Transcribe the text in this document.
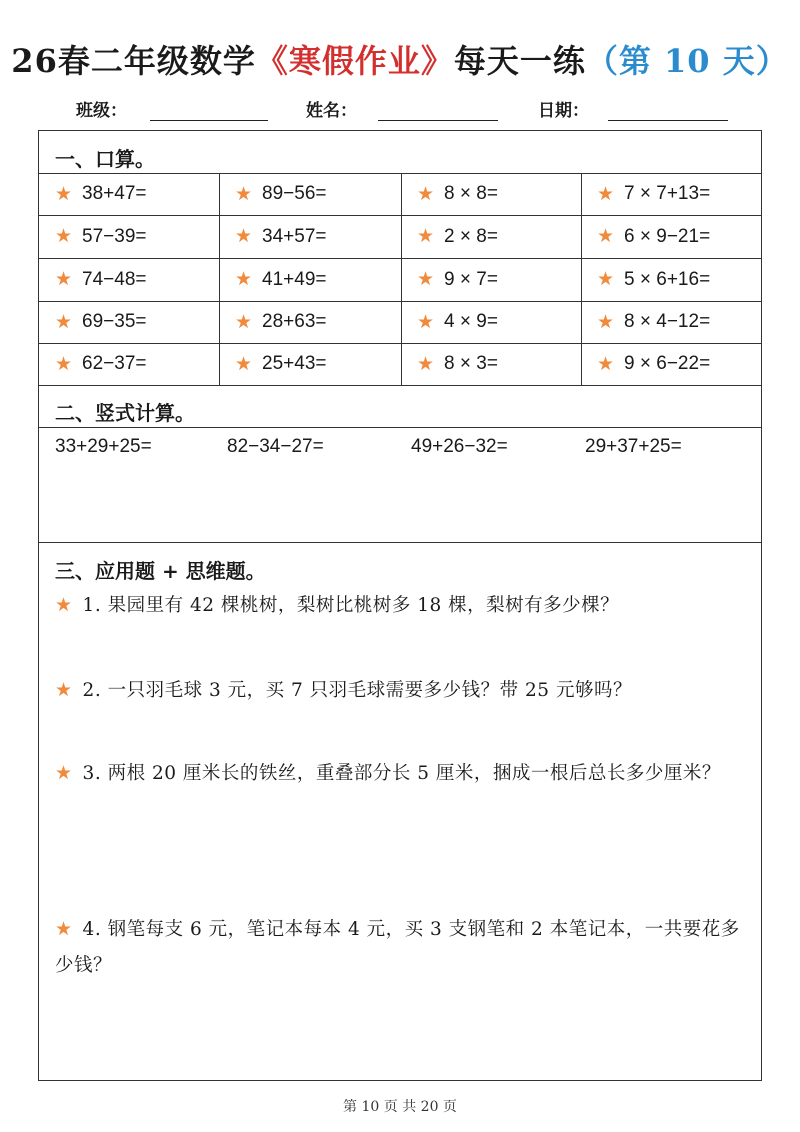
26春二年级数学《寒假作业》每天一练（第 10 天）
班级：	姓名：	日期：
一、口算。
★ 38+47=	★ 89−56=	★ 8 × 8=	★ 7 × 7+13=
★ 57−39=	★ 34+57=	★ 2 × 8=	★ 6 × 9−21=
★ 74−48=	★ 41+49=	★ 9 × 7=	★ 5 × 6+16=
★ 69−35=	★ 28+63=	★ 4 × 9=	★ 8 × 4−12=
★ 62−37=	★ 25+43=	★ 8 × 3=	★ 9 × 6−22=
二、竖式计算。
33+29+25=	82−34−27=	49+26−32=	29+37+25=
三、应用题 + 思维题。
★ 1. 果园里有 42 棵桃树，梨树比桃树多 18 棵，梨树有多少棵？
★ 2. 一只羽毛球 3 元，买 7 只羽毛球需要多少钱？带 25 元够吗？
★ 3. 两根 20 厘米长的铁丝，重叠部分长 5 厘米，捆成一根后总长多少厘米？
★ 4. 钢笔每支 6 元，笔记本每本 4 元，买 3 支钢笔和 2 本笔记本，一共要花多少钱？
第 10 页 共 20 页
